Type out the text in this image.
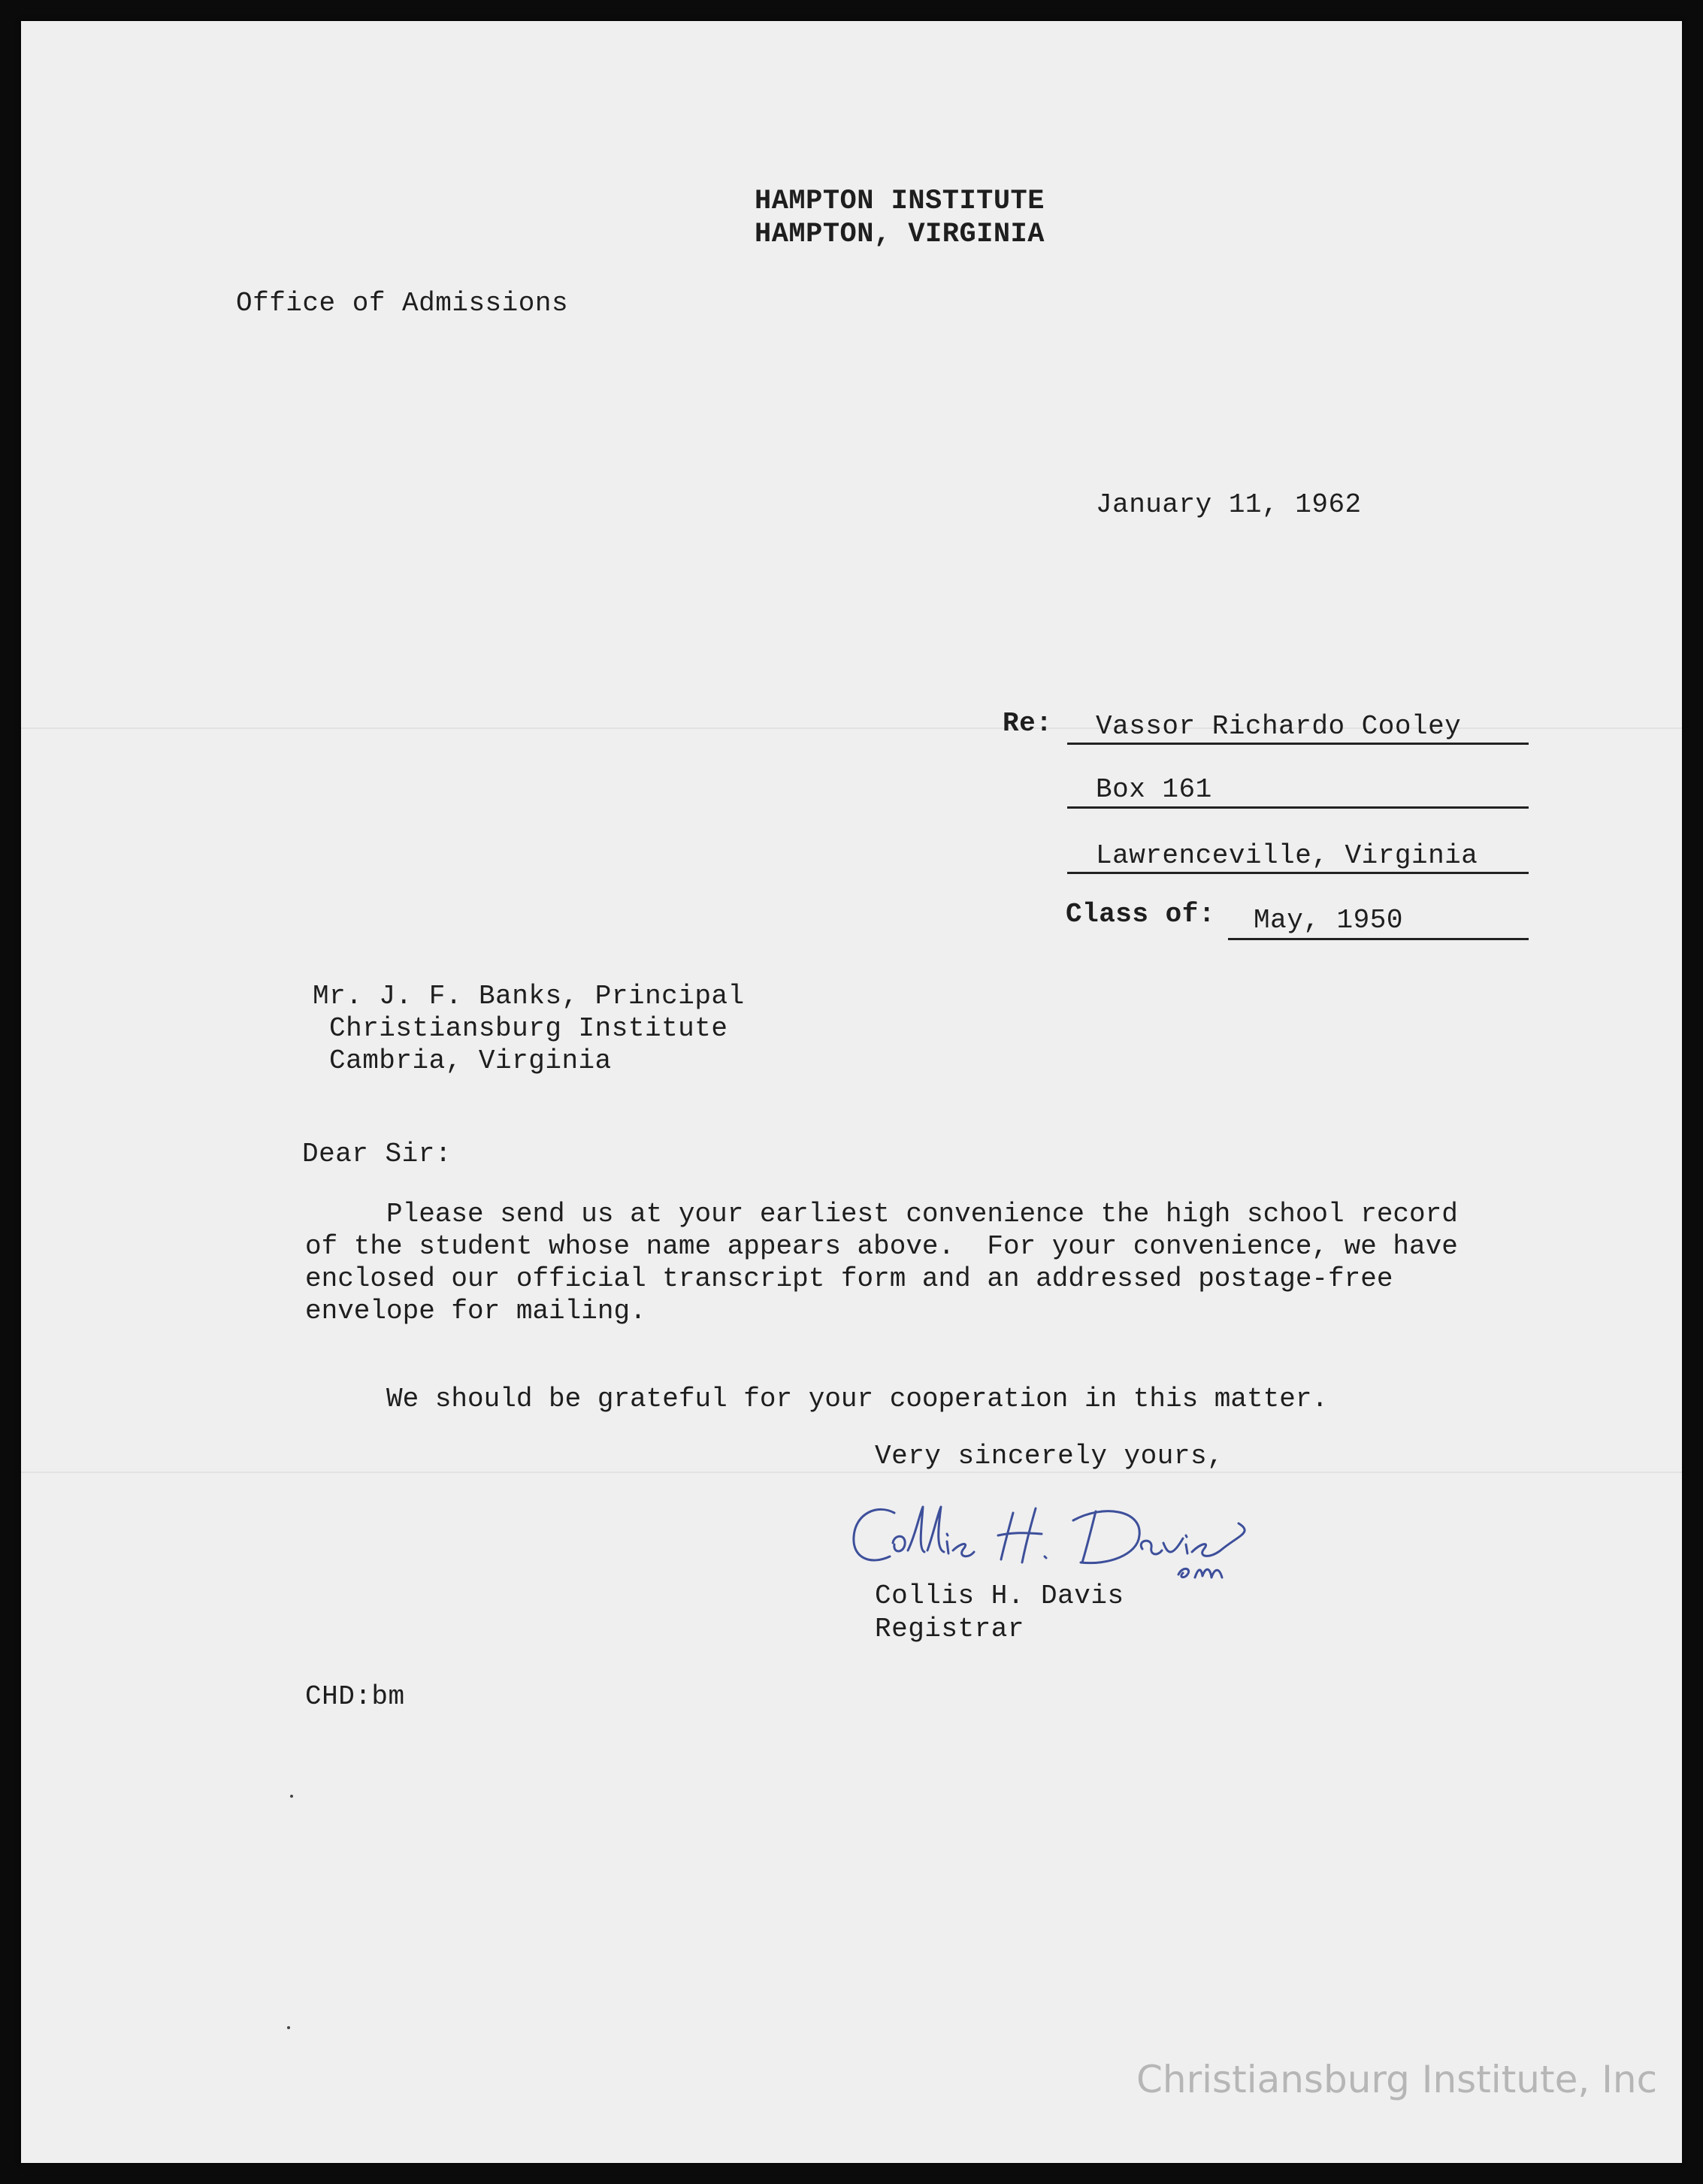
HAMPTON INSTITUTE
HAMPTON, VIRGINIA
Office of Admissions
January 11, 1962
Re: Vassor Richardo Cooley
Box 161
Lawrenceville, Virginia
Class of: May, 1950
Mr. J. F. Banks, Principal
Christiansburg Institute
Cambria, Virginia
Dear Sir:
Please send us at your earliest convenience the high school record
of the student whose name appears above.  For your convenience, we have
enclosed our official transcript form and an addressed postage-free
envelope for mailing.
We should be grateful for your cooperation in this matter.
Very sincerely yours,
Collis H. Davis
Registrar
CHD:bm
Christiansburg Institute, Inc
